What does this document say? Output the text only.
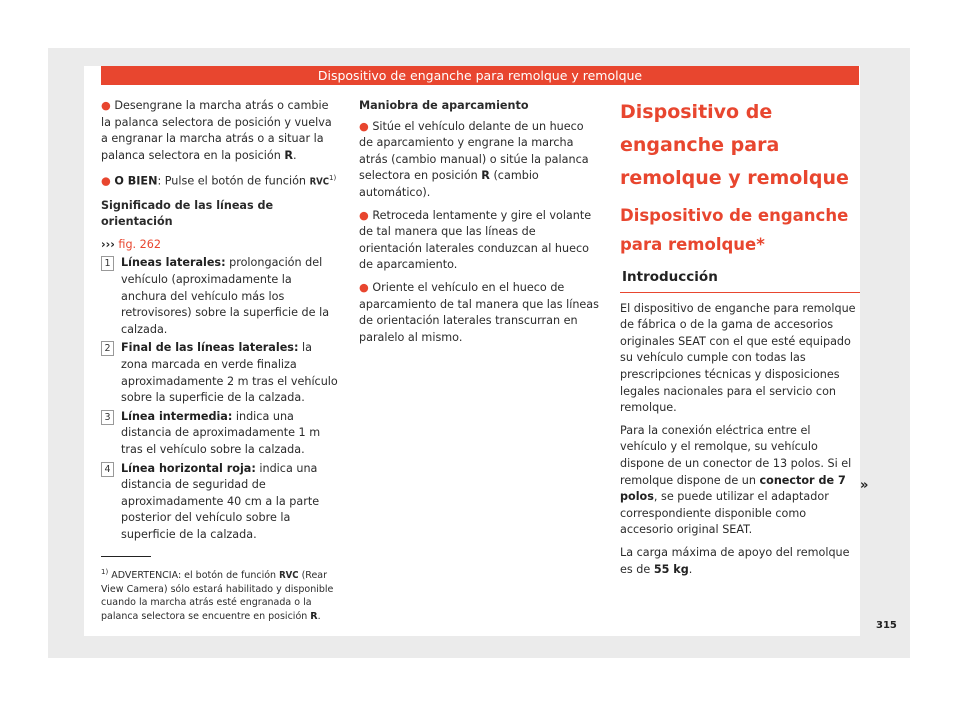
Dispositivo de enganche para remolque y remolque

● Desengrane la marcha atrás o cambie la palanca selectora de posición y vuelva a engranar la marcha atrás o a situar la palanca selectora en la posición R.

● O BIEN: Pulse el botón de función RVC$^{1)}$

Significado de las líneas de orientación

››› fig. 262
1 Líneas laterales: prolongación del vehículo (aproximadamente la anchura del vehículo más los retrovisores) sobre la superficie de la calzada.
2 Final de las líneas laterales: la zona marcada en verde finaliza aproximadamente 2 m tras el vehículo sobre la superficie de la calzada.
3 Línea intermedia: indica una distancia de aproximadamente 1 m tras el vehículo sobre la calzada.
4 Línea horizontal roja: indica una distancia de seguridad de aproximadamente 40 cm a la parte posterior del vehículo sobre la superficie de la calzada.

Maniobra de aparcamiento

● Sitúe el vehículo delante de un hueco de aparcamiento y engrane la marcha atrás (cambio manual) o sitúe la palanca selectora en posición R (cambio automático).

● Retroceda lentamente y gire el volante de tal manera que las líneas de orientación laterales conduzcan al hueco de aparcamiento.

● Oriente el vehículo en el hueco de aparcamiento de tal manera que las líneas de orientación laterales transcurran en paralelo al mismo.

Dispositivo de enganche para remolque y remolque
Dispositivo de enganche para remolque*
Introducción

El dispositivo de enganche para remolque de fábrica o de la gama de accesorios originales SEAT con el que esté equipado su vehículo cumple con todas las prescripciones técnicas y disposiciones legales nacionales para el servicio con remolque.

Para la conexión eléctrica entre el vehículo y el remolque, su vehículo dispone de un conector de 13 polos. Si el remolque dispone de un conector de 7 polos, se puede utilizar el adaptador correspondiente disponible como accesorio original SEAT.

La carga máxima de apoyo del remolque es de 55 kg.

»
$^{1)}$ ADVERTENCIA: el botón de función RVC (Rear View Camera) sólo estará habilitado y disponible cuando la marcha atrás esté engranada o la palanca selectora se encuentre en posición R.
315
